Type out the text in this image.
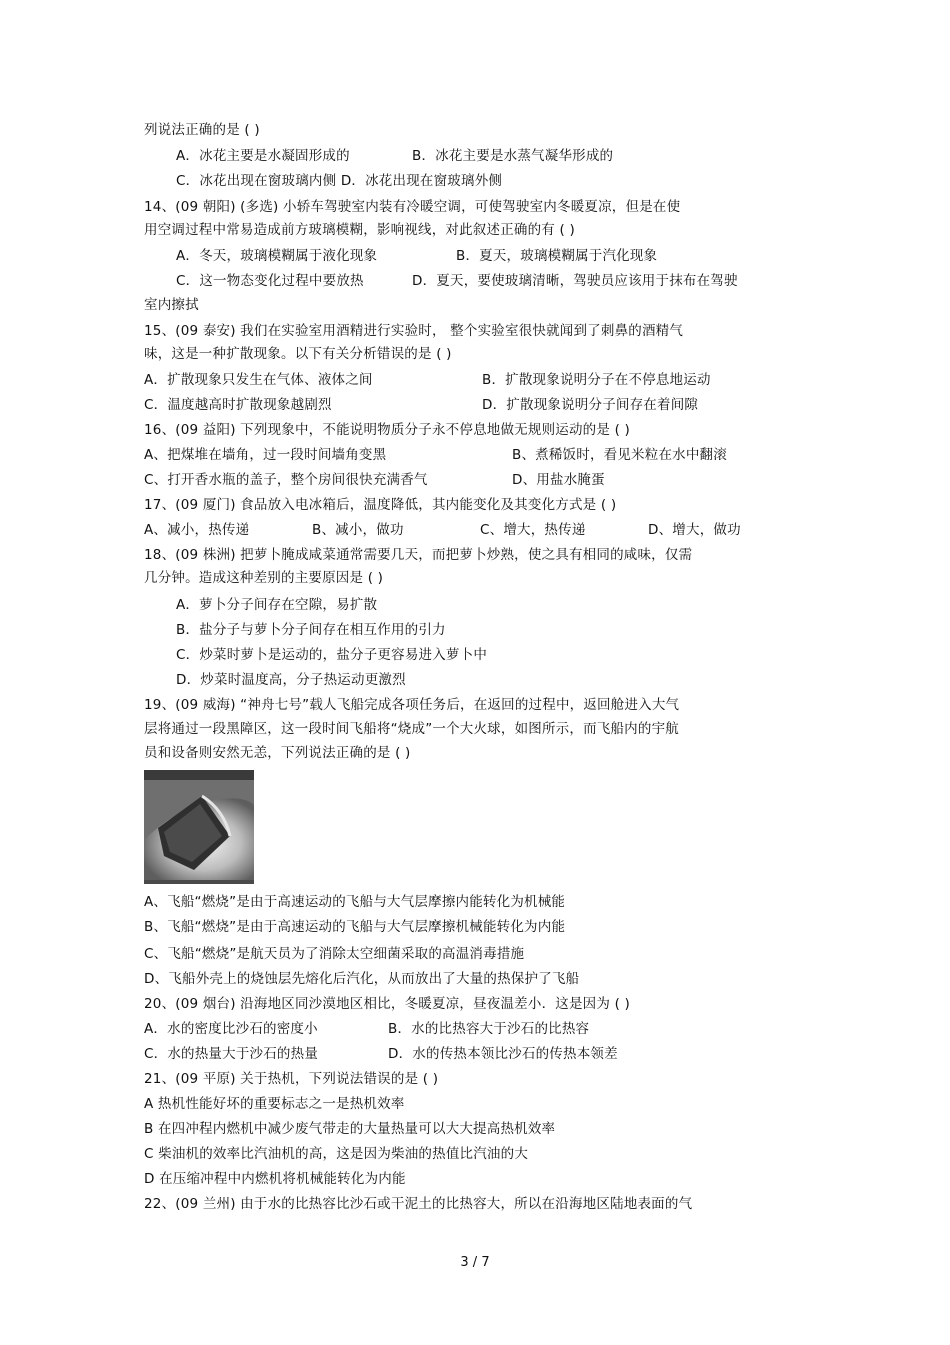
列说法正确的是 ( )
A．冰花主要是水凝固形成的	B．冰花主要是水蒸气凝华形成的
C．冰花出现在窗玻璃内侧 D．冰花出现在窗玻璃外侧
14、(09 朝阳) (多选) 小轿车驾驶室内装有冷暖空调，可使驾驶室内冬暖夏凉，但是在使
用空调过程中常易造成前方玻璃模糊，影响视线，对此叙述正确的有 ( )
A．冬天，玻璃模糊属于液化现象	B．夏天，玻璃模糊属于汽化现象
C．这一物态变化过程中要放热	D．夏天，要使玻璃清晰，驾驶员应该用于抹布在驾驶
室内擦拭
15、(09 泰安) 我们在实验室用酒精进行实验时， 整个实验室很快就闻到了刺鼻的酒精气
味，这是一种扩散现象。以下有关分析错误的是 ( )
A．扩散现象只发生在气体、液体之间	B．扩散现象说明分子在不停息地运动
C．温度越高时扩散现象越剧烈	D．扩散现象说明分子间存在着间隙
16、(09 益阳) 下列现象中，不能说明物质分子永不停息地做无规则运动的是 ( )
A、把煤堆在墙角，过一段时间墙角变黑	B、煮稀饭时，看见米粒在水中翻滚
C、打开香水瓶的盖子，整个房间很快充满香气	D、用盐水腌蛋
17、(09 厦门) 食品放入电冰箱后，温度降低，其内能变化及其变化方式是 ( )
A、减小，热传递	B、减小，做功	C、增大，热传递	D、增大，做功
18、(09 株洲) 把萝卜腌成咸菜通常需要几天，而把萝卜炒熟，使之具有相同的咸味，仅需
几分钟。造成这种差别的主要原因是 ( )
A．萝卜分子间存在空隙，易扩散
B．盐分子与萝卜分子间存在相互作用的引力
C．炒菜时萝卜是运动的，盐分子更容易进入萝卜中
D．炒菜时温度高，分子热运动更激烈
19、(09 威海) “神舟七号”载人飞船完成各项任务后，在返回的过程中，返回舱进入大气
层将通过一段黑障区，这一段时间飞船将“烧成”一个大火球，如图所示，而飞船内的宇航
员和设备则安然无恙，下列说法正确的是 ( )
A、飞船“燃烧”是由于高速运动的飞船与大气层摩擦内能转化为机械能
B、飞船“燃烧”是由于高速运动的飞船与大气层摩擦机械能转化为内能
C、飞船“燃烧”是航天员为了消除太空细菌采取的高温消毒措施
D、飞船外壳上的烧蚀层先熔化后汽化，从而放出了大量的热保护了飞船
20、(09 烟台) 沿海地区同沙漠地区相比，冬暖夏凉，昼夜温差小．这是因为 ( )
A．水的密度比沙石的密度小	B．水的比热容大于沙石的比热容
C．水的热量大于沙石的热量	D．水的传热本领比沙石的传热本领差
21、(09 平原) 关于热机，下列说法错误的是 ( )
A 热机性能好坏的重要标志之一是热机效率
B 在四冲程内燃机中减少废气带走的大量热量可以大大提高热机效率
C 柴油机的效率比汽油机的高，这是因为柴油的热值比汽油的大
D 在压缩冲程中内燃机将机械能转化为内能
22、(09 兰州) 由于水的比热容比沙石或干泥土的比热容大，所以在沿海地区陆地表面的气
3 / 7
